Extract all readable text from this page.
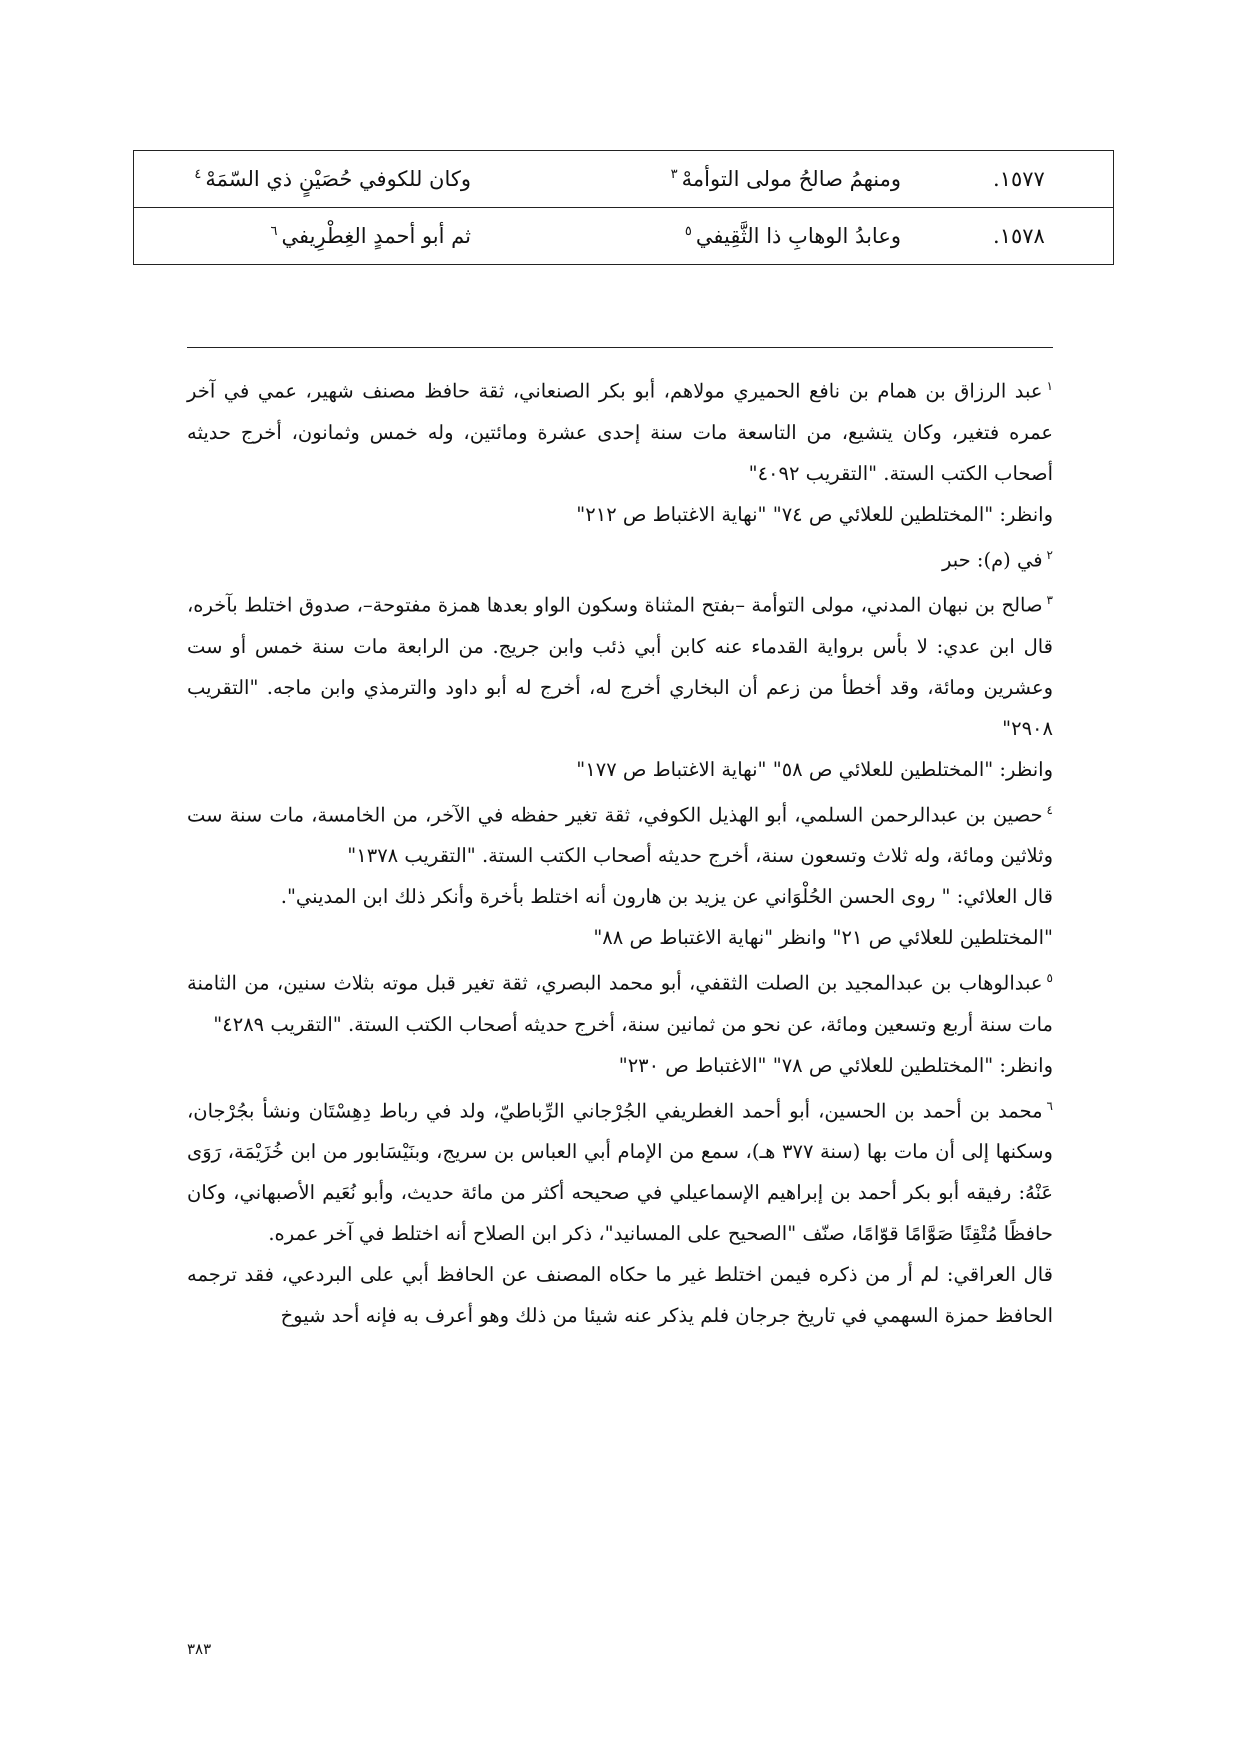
١٥٧٧.	ومنهمُ صالحُ مولى التوأمهْ$^٣$	وكان للكوفي حُصَيْنٍ ذي السّمَهْ$^٤$
١٥٧٨.	وعابدُ الوهابِ ذا الثَّقِيفي$^٥$	ثم أبو أحمدٍ الغِطْرِيفي$^٦$

$^١$عبد الرزاق بن همام بن نافع الحميري مولاهم، أبو بكر الصنعاني، ثقة حافظ مصنف شهير، عمي في آخر عمره فتغير، وكان يتشيع، من التاسعة مات سنة إحدى عشرة ومائتين، وله خمس وثمانون، أخرج حديثه أصحاب الكتب الستة. "التقريب ٤٠٩٢"

وانظر: "المختلطين للعلائي ص ٧٤" "نهاية الاغتباط ص ٢١٢"

$^٢$في (م): حبر

$^٣$صالح بن نبهان المدني، مولى التوأمة –بفتح المثناة وسكون الواو بعدها همزة مفتوحة–، صدوق اختلط بآخره، قال ابن عدي: لا بأس برواية القدماء عنه كابن أبي ذئب وابن جريج. من الرابعة مات سنة خمس أو ست وعشرين ومائة، وقد أخطأ من زعم أن البخاري أخرج له، أخرج له أبو داود والترمذي وابن ماجه. "التقريب ٢٩٠٨"

وانظر: "المختلطين للعلائي ص ٥٨" "نهاية الاغتباط ص ١٧٧"

$^٤$حصين بن عبدالرحمن السلمي، أبو الهذيل الكوفي، ثقة تغير حفظه في الآخر، من الخامسة، مات سنة ست وثلاثين ومائة، وله ثلاث وتسعون سنة، أخرج حديثه أصحاب الكتب الستة. "التقريب ١٣٧٨"

قال العلائي: " روى الحسن الحُلْوَاني عن يزيد بن هارون أنه اختلط بأخرة وأنكر ذلك ابن المديني".

"المختلطين للعلائي ص ٢١" وانظر "نهاية الاغتباط ص ٨٨"

$^٥$عبدالوهاب بن عبدالمجيد بن الصلت الثقفي، أبو محمد البصري، ثقة تغير قبل موته بثلاث سنين، من الثامنة مات سنة أربع وتسعين ومائة، عن نحو من ثمانين سنة، أخرج حديثه أصحاب الكتب الستة. "التقريب ٤٢٨٩"

وانظر: "المختلطين للعلائي ص ٧٨" "الاغتباط ص ٢٣٠"

$^٦$محمد بن أحمد بن الحسين، أبو أحمد الغطريفي الجُرْجاني الرِّباطيّ، ولد في رباط دِهِسْتَان ونشأ بجُرْجان، وسكنها إلى أن مات بها (سنة ٣٧٧ هـ)، سمع من الإمام أبي العباس بن سريج، وبنَيْسَابور من ابن خُزَيْمَة، رَوَى عَنْهُ: رفيقه أبو بكر أحمد بن إبراهيم الإسماعيلي في صحيحه أكثر من مائة حديث، وأبو نُعَيم الأصبهاني، وكان حافظًا مُتْقِنًا صَوَّامًا قوّامًا، صنّف "الصحيح على المسانيد"، ذكر ابن الصلاح أنه اختلط في آخر عمره.

قال العراقي: لم أر من ذكره فيمن اختلط غير ما حكاه المصنف عن الحافظ أبي على البردعي، فقد ترجمه الحافظ حمزة السهمي في تاريخ جرجان فلم يذكر عنه شيئا من ذلك وهو أعرف به فإنه أحد شيوخ

٣٨٣
